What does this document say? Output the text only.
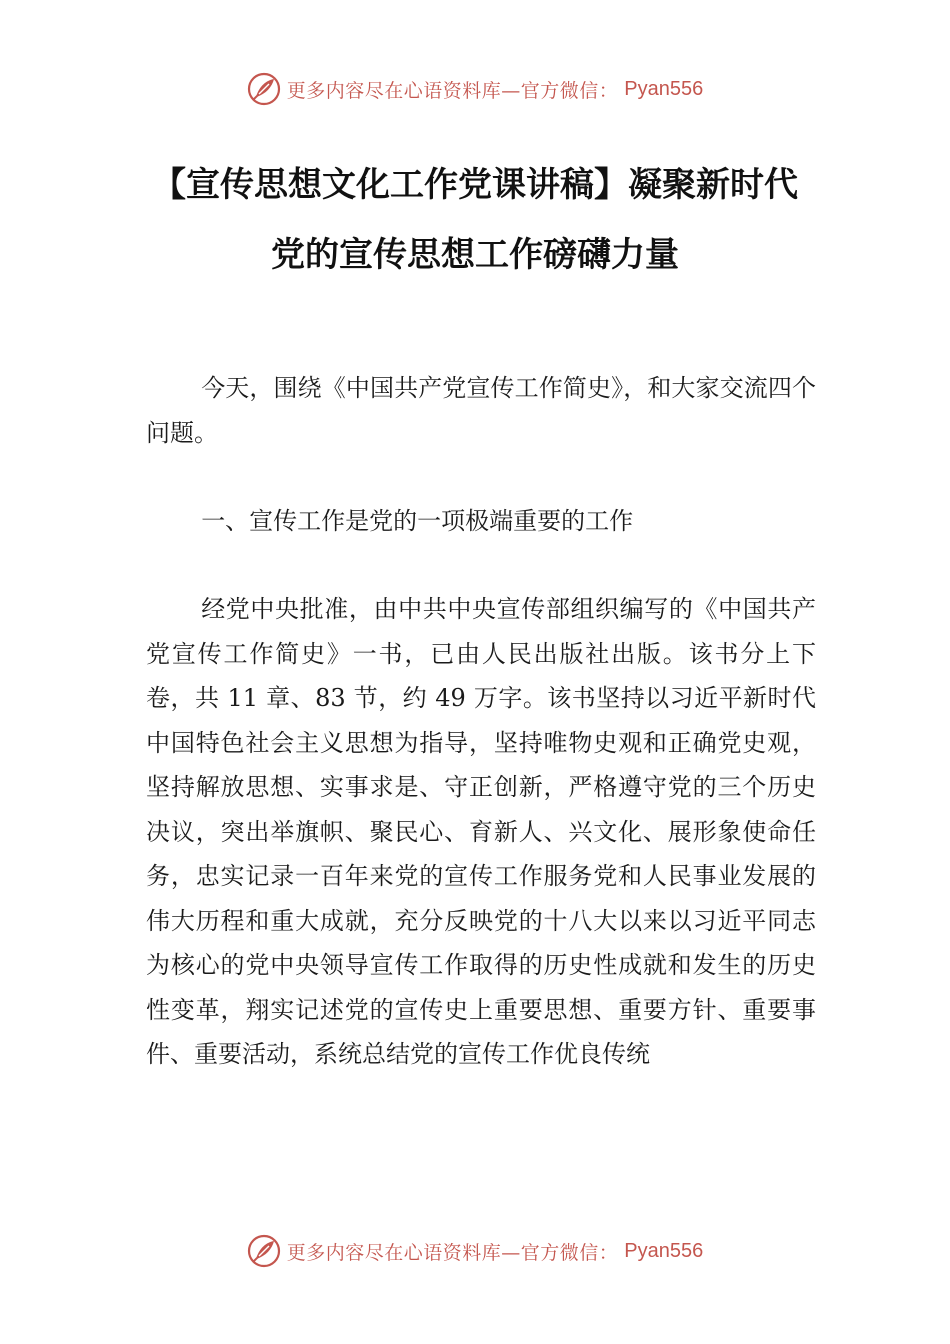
更多内容尽在心语资料库—官方微信： Pyan556
【宣传思想文化工作党课讲稿】凝聚新时代
党的宣传思想工作磅礴力量

今天，围绕《中国共产党宣传工作简史》，和大家交流四个问题。

一、宣传工作是党的一项极端重要的工作

经党中央批准，由中共中央宣传部组织编写的《中国共产党宣传工作简史》一书，已由人民出版社出版。该书分上下卷，共 11 章、83 节，约 49 万字。该书坚持以习近平新时代中国特色社会主义思想为指导，坚持唯物史观和正确党史观，坚持解放思想、实事求是、守正创新，严格遵守党的三个历史决议，突出举旗帜、聚民心、育新人、兴文化、展形象使命任务，忠实记录一百年来党的宣传工作服务党和人民事业发展的伟大历程和重大成就，充分反映党的十八大以来以习近平同志为核心的党中央领导宣传工作取得的历史性成就和发生的历史性变革，翔实记述党的宣传史上重要思想、重要方针、重要事件、重要活动，系统总结党的宣传工作优良传统

更多内容尽在心语资料库—官方微信： Pyan556
